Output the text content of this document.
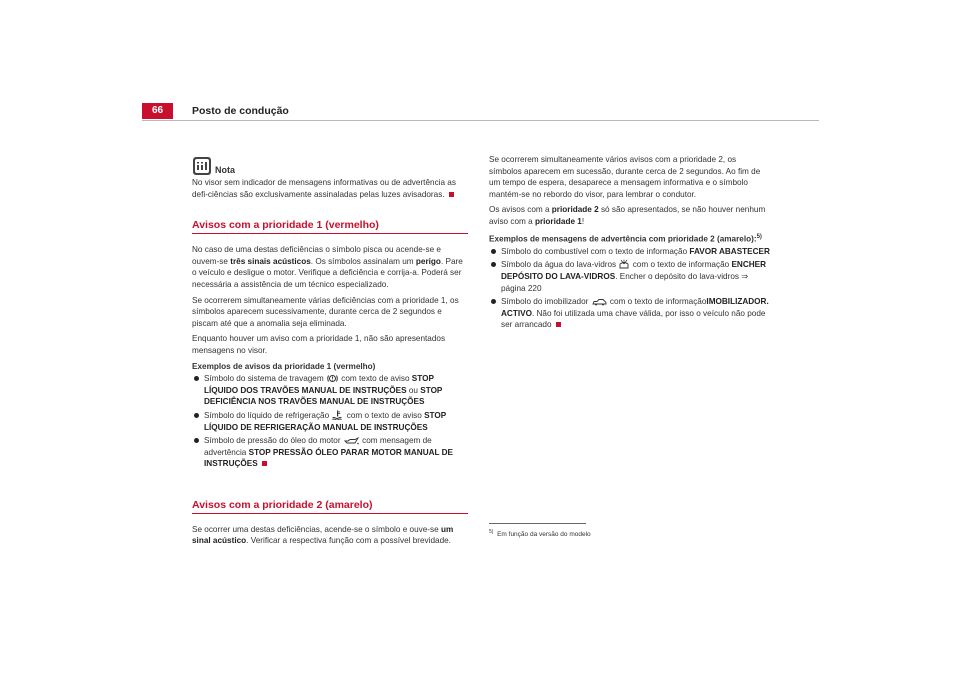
66	Posto de condução
Nota

No visor sem indicador de mensagens informativas ou de advertência as defi-ciências são exclusivamente assinaladas pelas luzes avisadoras.

Avisos com a prioridade 1 (vermelho)

No caso de uma destas deficiências o símbolo pisca ou acende-se e ouvem-se três sinais acústicos. Os símbolos assinalam um perigo. Pare o veículo e desligue o motor. Verifique a deficiência e corrija-a. Poderá ser necessária a assistência de um técnico especializado.

Se ocorrerem simultaneamente várias deficiências com a prioridade 1, os símbolos aparecem sucessivamente, durante cerca de 2 segundos e piscam até que a anomalia seja eliminada.

Enquanto houver um aviso com a prioridade 1, não são apresentados mensagens no visor.

Exemplos de avisos da prioridade 1 (vermelho)
Símbolo do sistema de travagem  com texto de aviso STOP LÍQUIDO DOS TRAVÕES MANUAL DE INSTRUÇÕES ou STOP DEFICIÊNCIA NOS TRAVÕES MANUAL DE INSTRUÇÕES
Símbolo do líquido de refrigeração  com o texto de aviso STOP LÍQUIDO DE REFRIGERAÇÃO MANUAL DE INSTRUÇÕES
Símbolo de pressão do óleo do motor  com mensagem de advertência STOP PRESSÃO ÓLEO PARAR MOTOR MANUAL DE INSTRUÇÕES
Avisos com a prioridade 2 (amarelo)

Se ocorrer uma destas deficiências, acende-se o símbolo e ouve-se um sinal acústico. Verificar a respectiva função com a possível brevidade.

Se ocorrerem simultaneamente vários avisos com a prioridade 2, os símbolos aparecem em sucessão, durante cerca de 2 segundos. Ao fim de um tempo de espera, desaparece a mensagem informativa e o símbolo mantém-se no rebordo do visor, para lembrar o condutor.

Os avisos com a prioridade 2 só são apresentados, se não houver nenhum aviso com a prioridade 1!

Exemplos de mensagens de advertência com prioridade 2 (amarelo):$^{5)}$
Símbolo do combustível com o texto de informação FAVOR ABASTECER
Símbolo da água do lava-vidros  com o texto de informação ENCHER DEPÓSITO DO LAVA-VIDROS. Encher o depósito do lava-vidros ⇒ página 220
Símbolo do imobilizador  com o texto de informaçãoIMOBILIZADOR. ACTIVO. Não foi utilizada uma chave válida, por isso o veículo não pode ser arrancado
$^{5)}$ Em função da versão do modelo
